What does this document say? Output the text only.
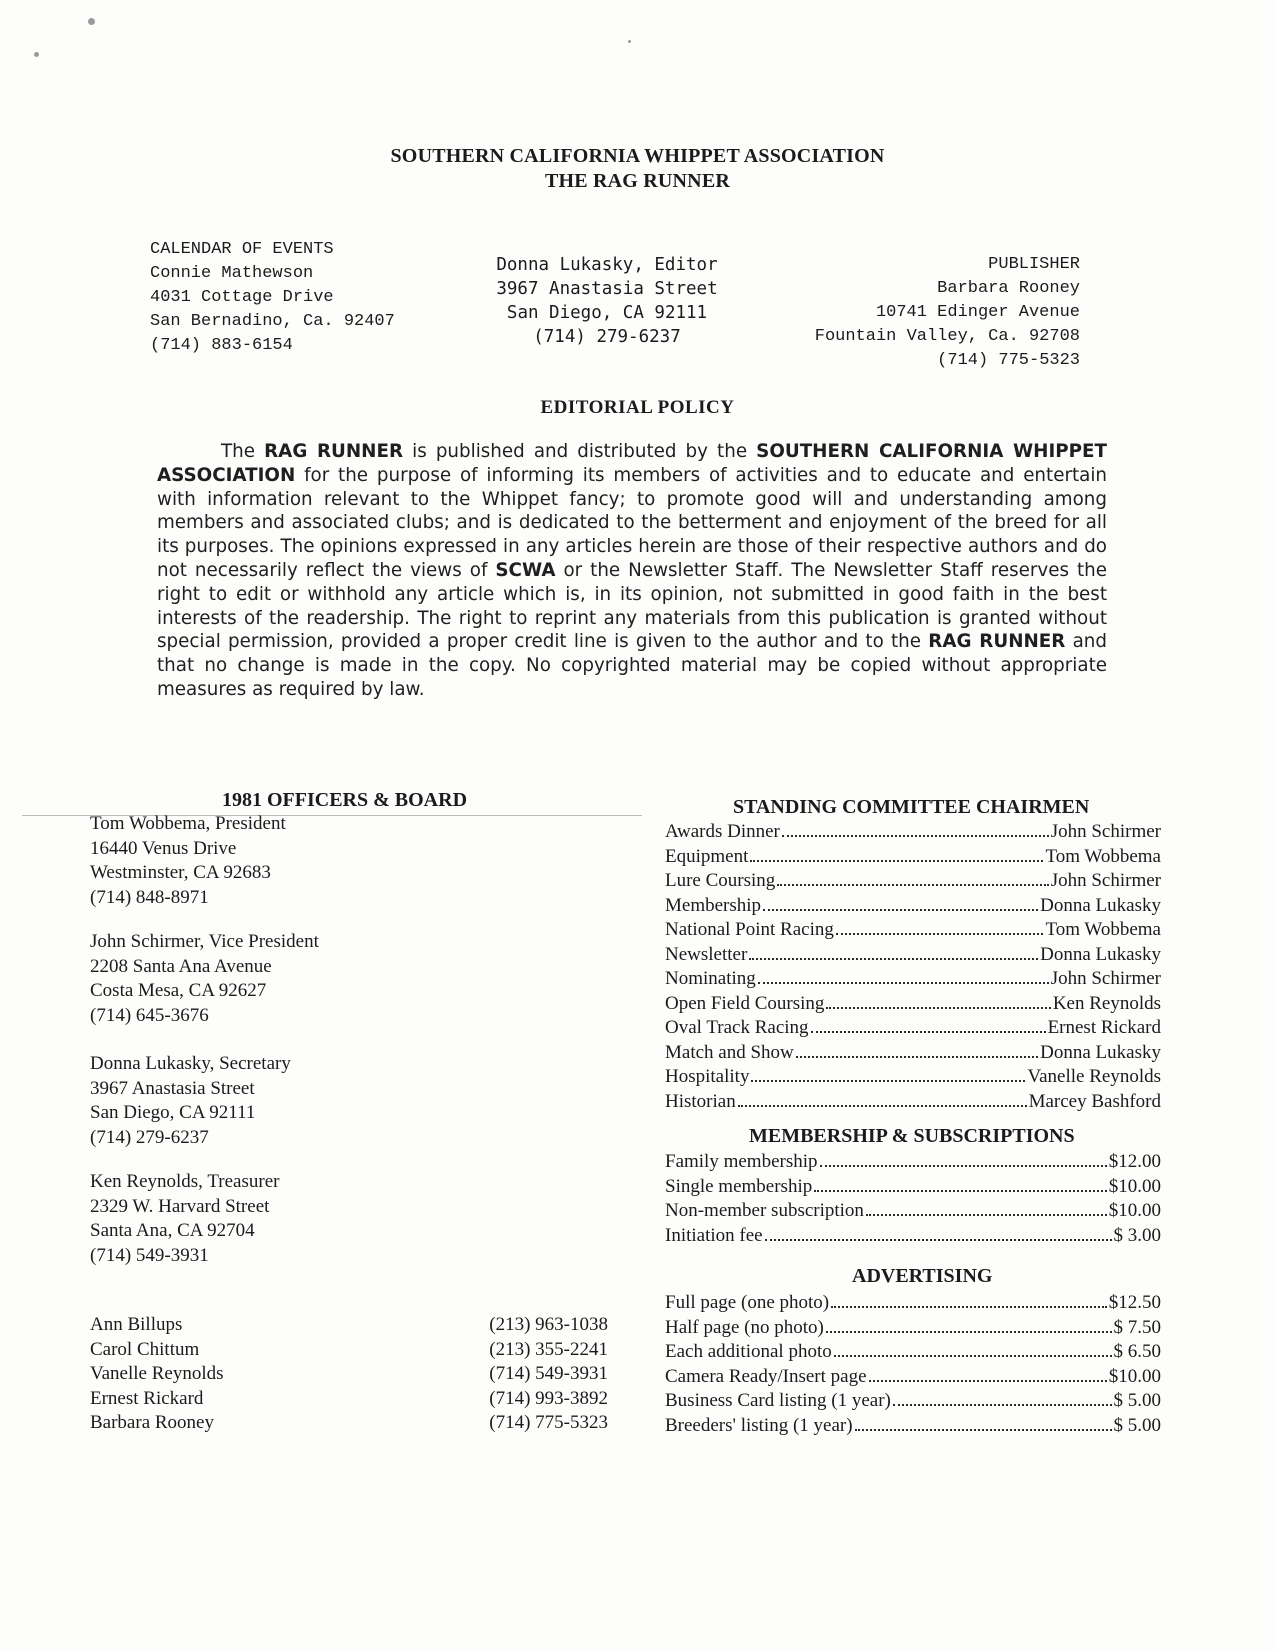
SOUTHERN CALIFORNIA WHIPPET ASSOCIATION
THE RAG RUNNER
CALENDAR OF EVENTS
Connie Mathewson
4031 Cottage Drive
San Bernadino, Ca. 92407
(714) 883-6154
Donna Lukasky, Editor
3967 Anastasia Street
San Diego, CA 92111
(714) 279-6237
PUBLISHER
Barbara Rooney
10741 Edinger Avenue
Fountain Valley, Ca. 92708
(714) 775-5323
EDITORIAL POLICY
The RAG RUNNER is published and distributed by the SOUTHERN CALIFORNIA WHIPPET ASSOCIATION for the purpose of informing its members of activities and to educate and entertain with information relevant to the Whippet fancy; to promote good will and understanding among members and associated clubs; and is dedicated to the betterment and enjoyment of the breed for all its purposes. The opinions expressed in any articles herein are those of their respective authors and do not necessarily reflect the views of SCWA or the Newsletter Staff. The Newsletter Staff reserves the right to edit or withhold any article which is, in its opinion, not submitted in good faith in the best interests of the readership. The right to reprint any materials from this publication is granted without special permission, provided a proper credit line is given to the author and to the RAG RUNNER and that no change is made in the copy. No copyrighted material may be copied without appropriate measures as required by law.
1981 OFFICERS & BOARD
Tom Wobbema, President
16440 Venus Drive
Westminster, CA 92683
(714) 848-8971
John Schirmer, Vice President
2208 Santa Ana Avenue
Costa Mesa, CA 92627
(714) 645-3676
Donna Lukasky, Secretary
3967 Anastasia Street
San Diego, CA 92111
(714) 279-6237
Ken Reynolds, Treasurer
2329 W. Harvard Street
Santa Ana, CA 92704
(714) 549-3931
Ann Billups	(213) 963-1038
Carol Chittum	(213) 355-2241
Vanelle Reynolds	(714) 549-3931
Ernest Rickard	(714) 993-3892
Barbara Rooney	(714) 775-5323
STANDING COMMITTEE CHAIRMEN
Awards Dinner	John Schirmer
Equipment	Tom Wobbema
Lure Coursing	John Schirmer
Membership	Donna Lukasky
National Point Racing	Tom Wobbema
Newsletter	Donna Lukasky
Nominating	John Schirmer
Open Field Coursing	Ken Reynolds
Oval Track Racing	Ernest Rickard
Match and Show	Donna Lukasky
Hospitality	Vanelle Reynolds
Historian	Marcey Bashford
MEMBERSHIP & SUBSCRIPTIONS
Family membership	$12.00
Single membership	$10.00
Non-member subscription	$10.00
Initiation fee	$ 3.00
ADVERTISING
Full page (one photo)	$12.50
Half page (no photo)	$ 7.50
Each additional photo	$ 6.50
Camera Ready/Insert page	$10.00
Business Card listing (1 year)	$ 5.00
Breeders' listing (1 year)	$ 5.00
